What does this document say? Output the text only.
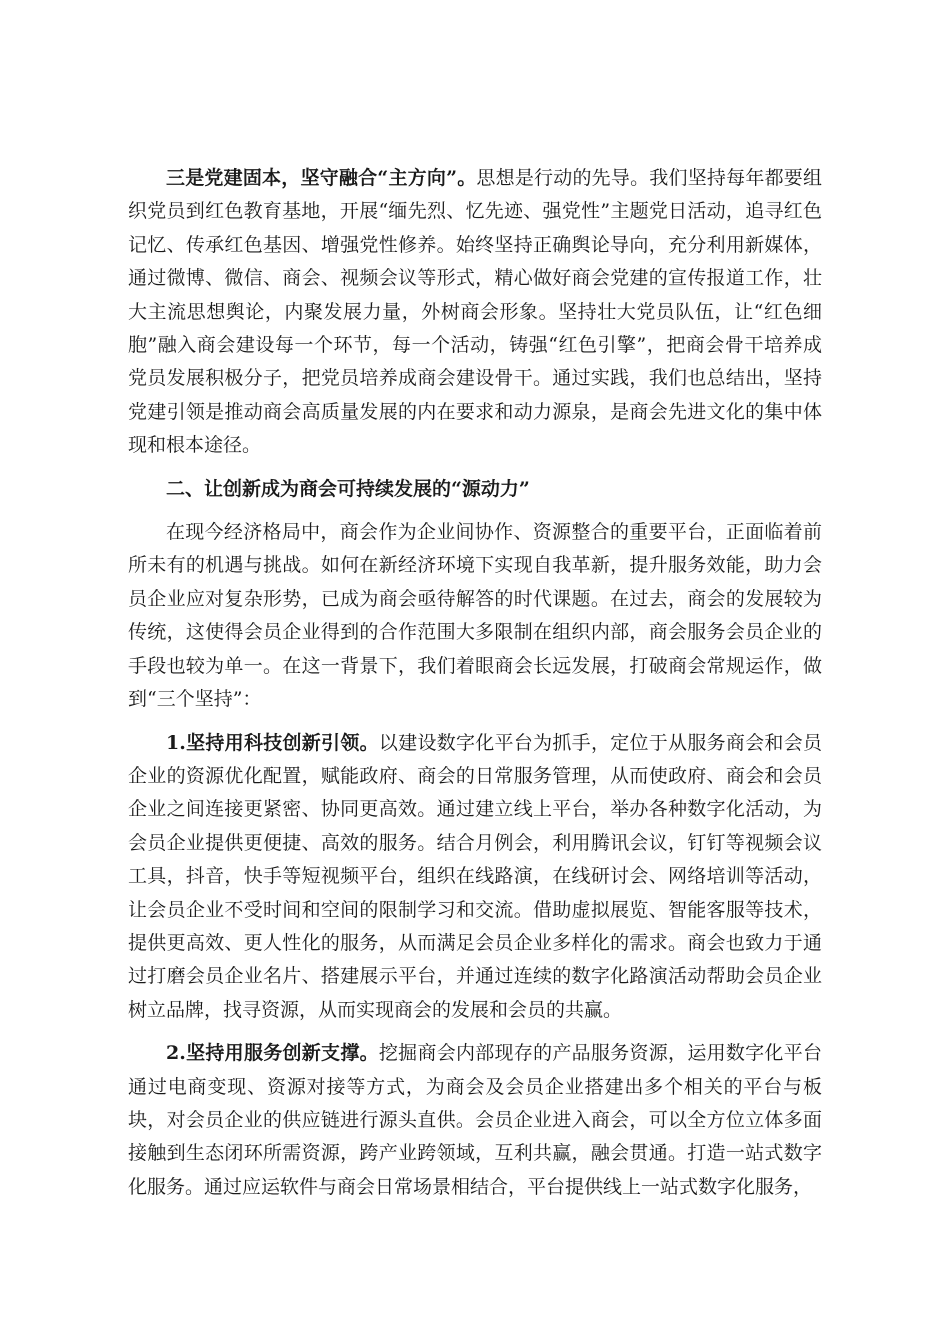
三是党建固本，坚守融合“主方向”。思想是行动的先导。我们坚持每年都要组织党员到红色教育基地，开展“缅先烈、忆先迹、强党性”主题党日活动，追寻红色记忆、传承红色基因、增强党性修养。始终坚持正确舆论导向，充分利用新媒体，通过微博、微信、商会、视频会议等形式，精心做好商会党建的宣传报道工作，壮大主流思想舆论，内聚发展力量，外树商会形象。坚持壮大党员队伍，让“红色细胞”融入商会建设每一个环节，每一个活动，铸强“红色引擎”，把商会骨干培养成党员发展积极分子，把党员培养成商会建设骨干。通过实践，我们也总结出，坚持党建引领是推动商会高质量发展的内在要求和动力源泉，是商会先进文化的集中体现和根本途径。

二、让创新成为商会可持续发展的“源动力”

在现今经济格局中，商会作为企业间协作、资源整合的重要平台，正面临着前所未有的机遇与挑战。如何在新经济环境下实现自我革新，提升服务效能，助力会员企业应对复杂形势，已成为商会亟待解答的时代课题。在过去，商会的发展较为传统，这使得会员企业得到的合作范围大多限制在组织内部，商会服务会员企业的手段也较为单一。在这一背景下，我们着眼商会长远发展，打破商会常规运作，做到“三个坚持”：

1.坚持用科技创新引领。以建设数字化平台为抓手，定位于从服务商会和会员企业的资源优化配置，赋能政府、商会的日常服务管理，从而使政府、商会和会员企业之间连接更紧密、协同更高效。通过建立线上平台，举办各种数字化活动，为会员企业提供更便捷、高效的服务。结合月例会，利用腾讯会议，钉钉等视频会议工具，抖音，快手等短视频平台，组织在线路演，在线研讨会、网络培训等活动，让会员企业不受时间和空间的限制学习和交流。借助虚拟展览、智能客服等技术，提供更高效、更人性化的服务，从而满足会员企业多样化的需求。商会也致力于通过打磨会员企业名片、搭建展示平台，并通过连续的数字化路演活动帮助会员企业树立品牌，找寻资源，从而实现商会的发展和会员的共赢。

2.坚持用服务创新支撑。挖掘商会内部现存的产品服务资源，运用数字化平台通过电商变现、资源对接等方式，为商会及会员企业搭建出多个相关的平台与板块，对会员企业的供应链进行源头直供。会员企业进入商会，可以全方位立体多面接触到生态闭环所需资源，跨产业跨领域，互利共赢，融会贯通。打造一站式数字化服务。通过应运软件与商会日常场景相结合，平台提供线上一站式数字化服务，
